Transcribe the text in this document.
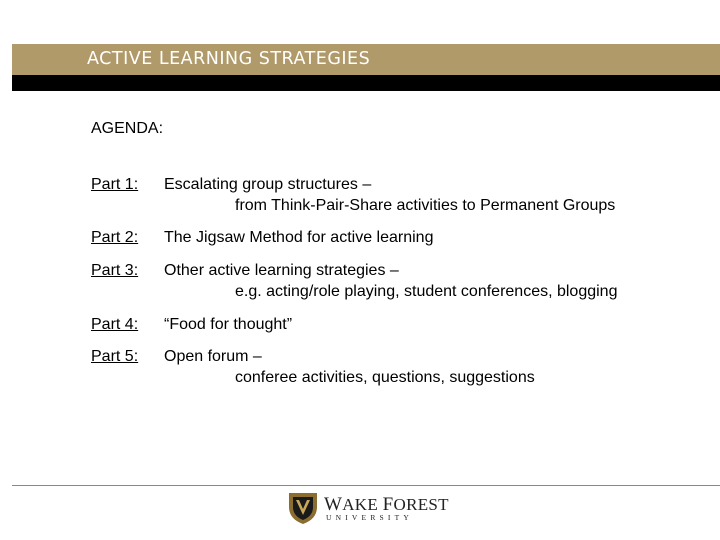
ACTIVE LEARNING STRATEGIES
AGENDA:
Part 1: Escalating group structures –
from Think-Pair-Share activities to Permanent Groups
Part 2: The Jigsaw Method for active learning
Part 3: Other active learning strategies –
e.g. acting/role playing, student conferences, blogging
Part 4: “Food for thought”
Part 5: Open forum –
conferee activities, questions, suggestions
WAKE FOREST
UNIVERSITY
